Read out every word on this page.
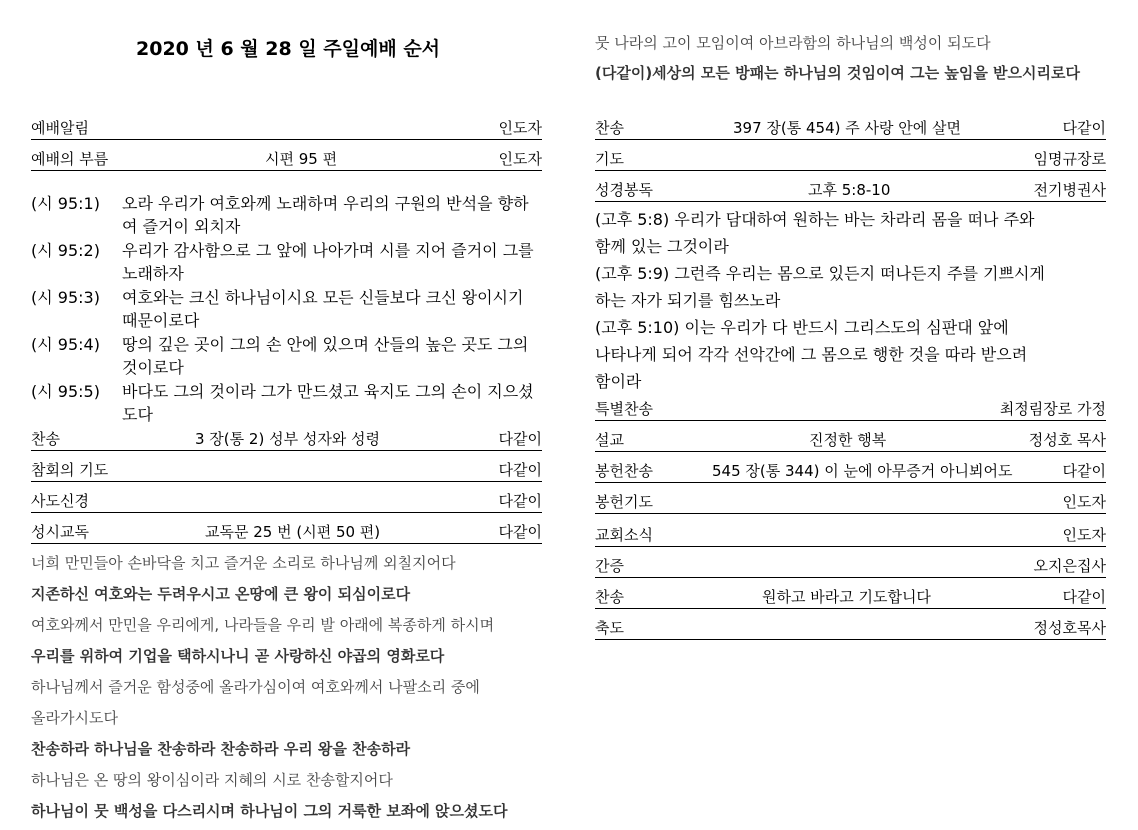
2020 년 6 월 28 일 주일예배 순서
예배알림	인도자
예배의 부름	시편 95 편	인도자
(시 95:1) 오라 우리가 여호와께 노래하며 우리의 구원의 반석을 향하여 즐거이 외치자
(시 95:2) 우리가 감사함으로 그 앞에 나아가며 시를 지어 즐거이 그를 노래하자
(시 95:3) 여호와는 크신 하나님이시요 모든 신들보다 크신 왕이시기 때문이로다
(시 95:4) 땅의 깊은 곳이 그의 손 안에 있으며 산들의 높은 곳도 그의 것이로다
(시 95:5) 바다도 그의 것이라 그가 만드셨고 육지도 그의 손이 지으셨도다
찬송	3 장(통 2) 성부 성자와 성령	다같이
참회의 기도	다같이
사도신경	다같이
성시교독	교독문 25 번 (시편 50 편)	다같이
너희 만민들아 손바닥을 치고 즐거운 소리로 하나님께 외칠지어다
지존하신 여호와는 두려우시고 온땅에 큰 왕이 되심이로다
여호와께서 만민을 우리에게, 나라들을 우리 발 아래에 복종하게 하시며
우리를 위하여 기업을 택하시나니 곧 사랑하신 야곱의 영화로다
하나님께서 즐거운 함성중에 올라가심이여 여호와께서 나팔소리 중에
올라가시도다
찬송하라 하나님을 찬송하라 찬송하라 우리 왕을 찬송하라
하나님은 온 땅의 왕이심이라 지혜의 시로 찬송할지어다
하나님이 뭇 백성을 다스리시며 하나님이 그의 거룩한 보좌에 앉으셨도다
뭇 나라의 고이 모임이여 아브라함의 하나님의 백성이 되도다
(다같이)세상의 모든 방패는 하나님의 것임이여 그는 높임을 받으시리로다
찬송	397 장(통 454) 주 사랑 안에 살면	다같이
기도	임명규장로
성경봉독	고후 5:8-10	전기병권사
(고후 5:8) 우리가 담대하여 원하는 바는 차라리 몸을 떠나 주와
함께 있는 그것이라
(고후 5:9) 그런즉 우리는 몸으로 있든지 떠나든지 주를 기쁘시게
하는 자가 되기를 힘쓰노라
(고후 5:10) 이는 우리가 다 반드시 그리스도의 심판대 앞에
나타나게 되어 각각 선악간에 그 몸으로 행한 것을 따라 받으려
함이라
특별찬송	최정림장로 가정
설교	진정한 행복	정성호 목사
봉헌찬송	545 장(통 344) 이 눈에 아무증거 아니뵈어도	다같이
봉헌기도	인도자
교회소식	인도자
간증	오지은집사
찬송	원하고 바라고 기도합니다	다같이
축도	정성호목사
